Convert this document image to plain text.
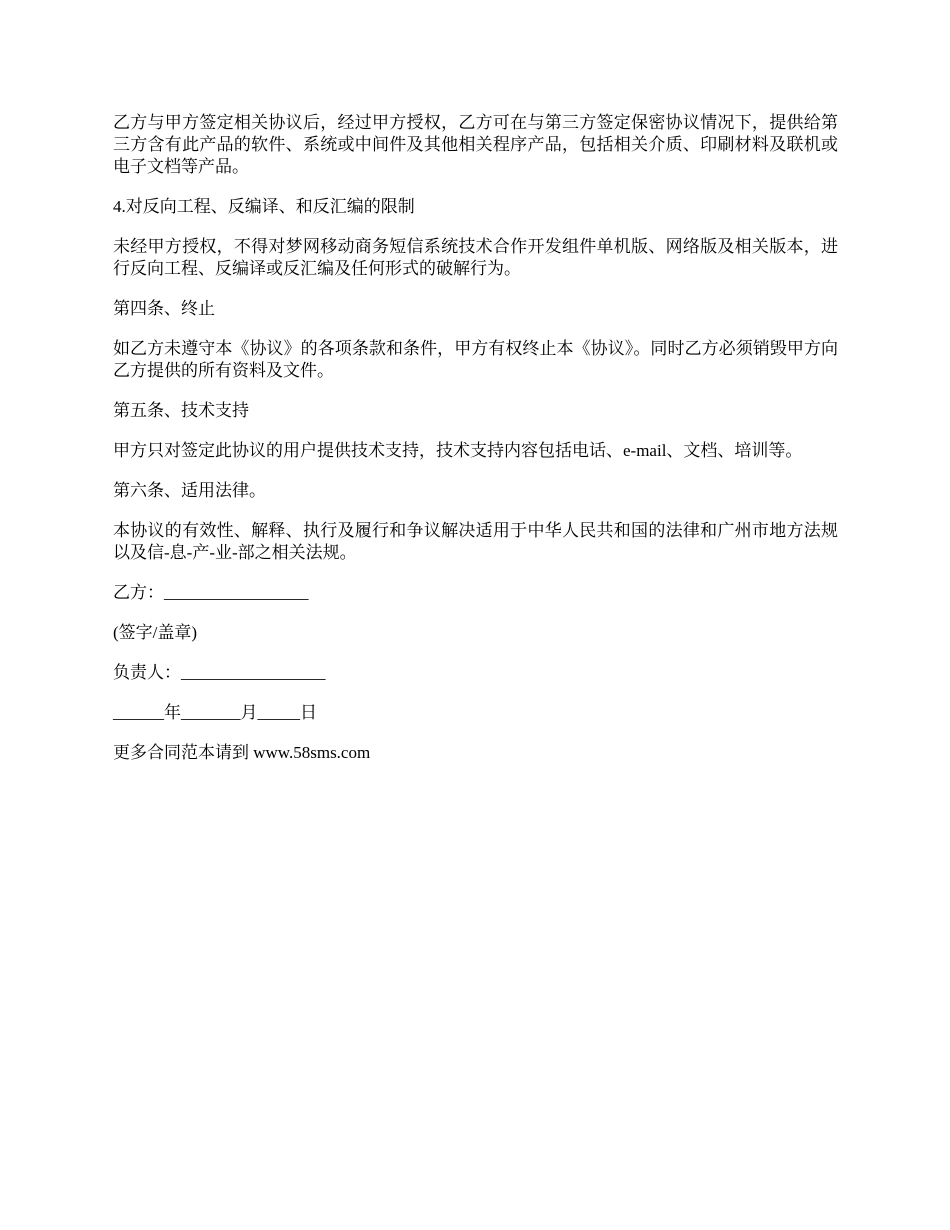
乙方与甲方签定相关协议后，经过甲方授权，乙方可在与第三方签定保密协议情况下，提供给第三方含有此产品的软件、系统或中间件及其他相关程序产品，包括相关介质、印刷材料及联机或电子文档等产品。

4.对反向工程、反编译、和反汇编的限制

未经甲方授权，不得对梦网移动商务短信系统技术合作开发组件单机版、网络版及相关版本，进行反向工程、反编译或反汇编及任何形式的破解行为。

第四条、终止

如乙方未遵守本《协议》的各项条款和条件，甲方有权终止本《协议》。同时乙方必须销毁甲方向乙方提供的所有资料及文件。

第五条、技术支持

甲方只对签定此协议的用户提供技术支持，技术支持内容包括电话、e-mail、文档、培训等。

第六条、适用法律。

本协议的有效性、解释、执行及履行和争议解决适用于中华人民共和国的法律和广州市地方法规以及信-息-产-业-部之相关法规。

乙方：_________________

(签字/盖章)

负责人：_________________

______年_______月_____日

更多合同范本请到 www.58sms.com
